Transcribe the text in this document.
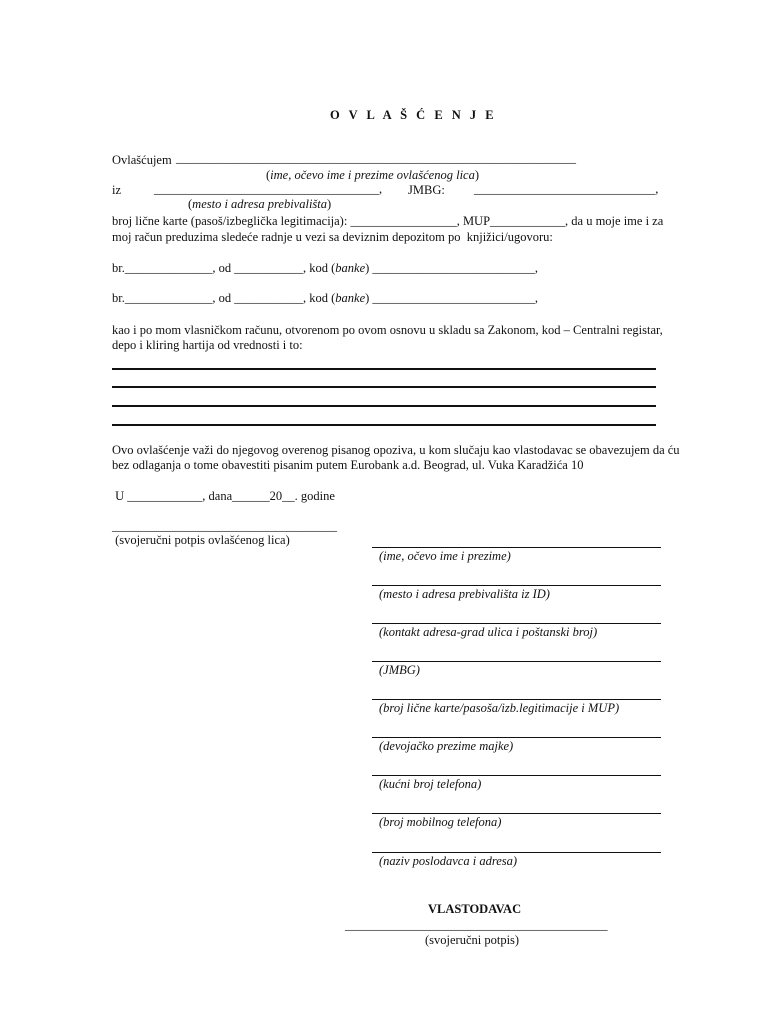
O V L A Š Ć E N J E
Ovlašćujem ________________________________________________________________
(ime, očevo ime i prezime ovlašćenog lica)
iz	____________________________________, JMBG: _____________________________,
(mesto i adresa prebivališta)
broj lične karte (pasoš/izbeglička legitimacija): _________________, MUP____________, da u moje ime i za
moj račun preduzima sledeće radnje u vezi sa deviznim depozitom po  knjižici/ugovoru:
br.______________, od ___________, kod (banke) __________________________,
br.______________, od ___________, kod (banke) __________________________,
kao i po mom vlasničkom računu, otvorenom po ovom osnovu u skladu sa Zakonom, kod – Centralni registar,
depo i kliring hartija od vrednosti i to:
Ovo ovlašćenje važi do njegovog overenog pisanog opoziva, u kom slučaju kao vlastodavac se obavezujem da ću
bez odlaganja o tome obavestiti pisanim putem Eurobank a.d. Beograd, ul. Vuka Karadžića 10
U ____________, dana______20__. godine
____________________________________
(svojeručni potpis ovlašćenog lica)
(ime, očevo ime i prezime)
(mesto i adresa prebivališta iz ID)
(kontakt adresa-grad ulica i poštanski broj)
(JMBG)
(broj lične karte/pasoša/izb.legitimacije i MUP)
(devojačko prezime majke)
(kućni broj telefona)
(broj mobilnog telefona)
(naziv poslodavca i adresa)
VLASTODAVAC
__________________________________________
(svojeručni potpis)
